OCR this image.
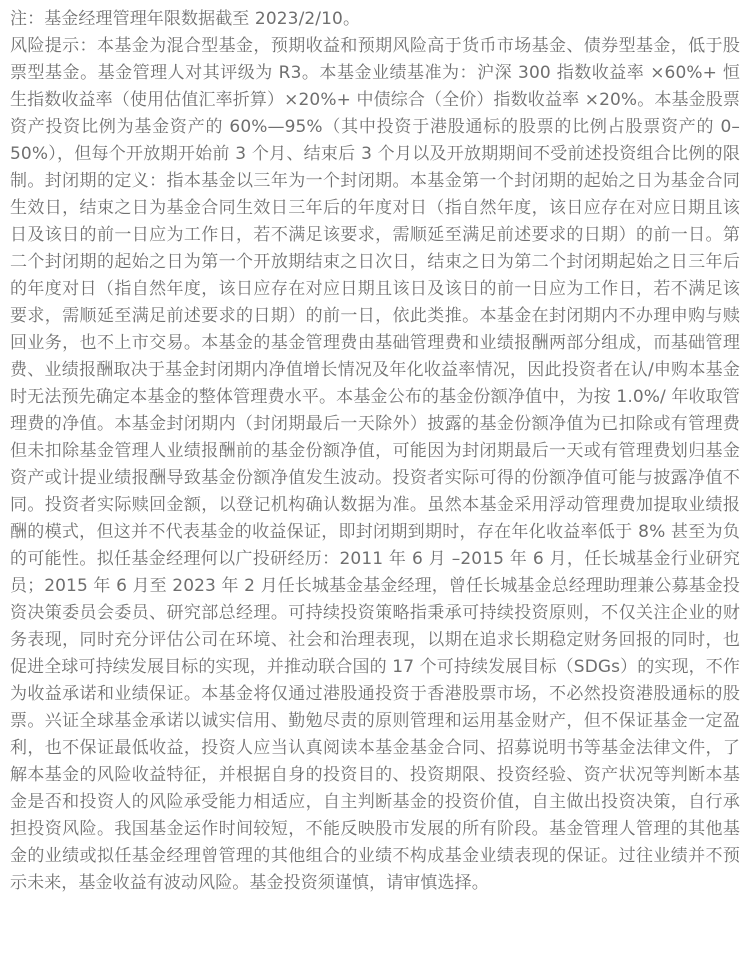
注：基金经理管理年限数据截至 2023/2/10。

风险提示：本基金为混合型基金，预期收益和预期风险高于货币市场基金、债券型基金，低于股票型基金。基金管理人对其评级为 R3。本基金业绩基准为：沪深 300 指数收益率 ×60%+ 恒生指数收益率（使用估值汇率折算）×20%+ 中债综合（全价）指数收益率 ×20%。本基金股票资产投资比例为基金资产的 60%—95%（其中投资于港股通标的股票的比例占股票资产的 0–50%），但每个开放期开始前 3 个月、结束后 3 个月以及开放期期间不受前述投资组合比例的限制。封闭期的定义：指本基金以三年为一个封闭期。本基金第一个封闭期的起始之日为基金合同生效日，结束之日为基金合同生效日三年后的年度对日（指自然年度，该日应存在对应日期且该日及该日的前一日应为工作日，若不满足该要求，需顺延至满足前述要求的日期）的前一日。第二个封闭期的起始之日为第一个开放期结束之日次日，结束之日为第二个封闭期起始之日三年后的年度对日（指自然年度，该日应存在对应日期且该日及该日的前一日应为工作日，若不满足该要求，需顺延至满足前述要求的日期）的前一日，依此类推。本基金在封闭期内不办理申购与赎回业务，也不上市交易。本基金的基金管理费由基础管理费和业绩报酬两部分组成，而基础管理费、业绩报酬取决于基金封闭期内净值增长情况及年化收益率情况，因此投资者在认/申购本基金时无法预先确定本基金的整体管理费水平。本基金公布的基金份额净值中，为按 1.0%/ 年收取管理费的净值。本基金封闭期内（封闭期最后一天除外）披露的基金份额净值为已扣除或有管理费但未扣除基金管理人业绩报酬前的基金份额净值，可能因为封闭期最后一天或有管理费划归基金资产或计提业绩报酬导致基金份额净值发生波动。投资者实际可得的份额净值可能与披露净值不同。投资者实际赎回金额，以登记机构确认数据为准。虽然本基金采用浮动管理费加提取业绩报酬的模式，但这并不代表基金的收益保证，即封闭期到期时，存在年化收益率低于 8% 甚至为负的可能性。拟任基金经理何以广投研经历：2011 年 6 月 –2015 年 6 月，任长城基金行业研究员；2015 年 6 月至 2023 年 2 月任长城基金基金经理，曾任长城基金总经理助理兼公募基金投资决策委员会委员、研究部总经理。可持续投资策略指秉承可持续投资原则，不仅关注企业的财务表现，同时充分评估公司在环境、社会和治理表现，以期在追求长期稳定财务回报的同时，也促进全球可持续发展目标的实现，并推动联合国的 17 个可持续发展目标（SDGs）的实现，不作为收益承诺和业绩保证。本基金将仅通过港股通投资于香港股票市场，不必然投资港股通标的股票。兴证全球基金承诺以诚实信用、勤勉尽责的原则管理和运用基金财产，但不保证基金一定盈利，也不保证最低收益，投资人应当认真阅读本基金基金合同、招募说明书等基金法律文件，了解本基金的风险收益特征，并根据自身的投资目的、投资期限、投资经验、资产状况等判断本基金是否和投资人的风险承受能力相适应，自主判断基金的投资价值，自主做出投资决策，自行承担投资风险。我国基金运作时间较短，不能反映股市发展的所有阶段。基金管理人管理的其他基金的业绩或拟任基金经理曾管理的其他组合的业绩不构成基金业绩表现的保证。过往业绩并不预示未来，基金收益有波动风险。基金投资须谨慎，请审慎选择。
